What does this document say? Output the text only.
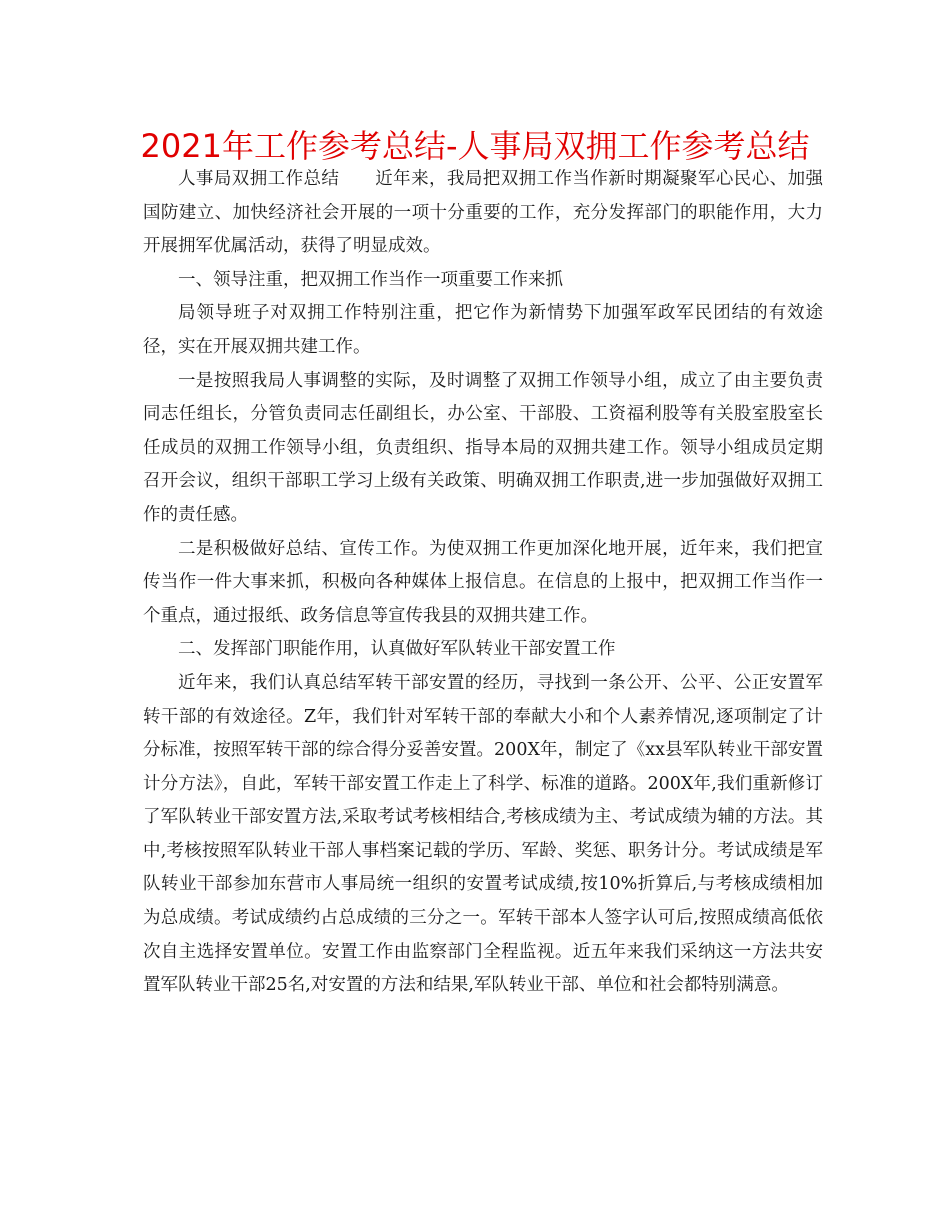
2021年工作参考总结-人事局双拥工作参考总结

人事局双拥工作总结　　近年来，我局把双拥工作当作新时期凝聚军心民心、加强国防建立、加快经济社会开展的一项十分重要的工作，充分发挥部门的职能作用，大力开展拥军优属活动，获得了明显成效。

一、领导注重，把双拥工作当作一项重要工作来抓

局领导班子对双拥工作特别注重，把它作为新情势下加强军政军民团结的有效途径，实在开展双拥共建工作。

一是按照我局人事调整的实际，及时调整了双拥工作领导小组，成立了由主要负责同志任组长，分管负责同志任副组长，办公室、干部股、工资福利股等有关股室股室长任成员的双拥工作领导小组，负责组织、指导本局的双拥共建工作。领导小组成员定期召开会议，组织干部职工学习上级有关政策、明确双拥工作职责,进一步加强做好双拥工作的责任感。

二是积极做好总结、宣传工作。为使双拥工作更加深化地开展，近年来，我们把宣传当作一件大事来抓，积极向各种媒体上报信息。在信息的上报中，把双拥工作当作一个重点，通过报纸、政务信息等宣传我县的双拥共建工作。

二、发挥部门职能作用，认真做好军队转业干部安置工作

近年来，我们认真总结军转干部安置的经历，寻找到一条公开、公平、公正安置军转干部的有效途径。Z年，我们针对军转干部的奉献大小和个人素养情况,逐项制定了计分标准，按照军转干部的综合得分妥善安置。200X年，制定了《xx县军队转业干部安置计分方法》，自此，军转干部安置工作走上了科学、标准的道路。200X年,我们重新修订了军队转业干部安置方法,采取考试考核相结合,考核成绩为主、考试成绩为辅的方法。其中,考核按照军队转业干部人事档案记载的学历、军龄、奖惩、职务计分。考试成绩是军队转业干部参加东营市人事局统一组织的安置考试成绩,按10%折算后,与考核成绩相加为总成绩。考试成绩约占总成绩的三分之一。军转干部本人签字认可后,按照成绩高低依次自主选择安置单位。安置工作由监察部门全程监视。近五年来我们采纳这一方法共安置军队转业干部25名,对安置的方法和结果,军队转业干部、单位和社会都特别满意。
